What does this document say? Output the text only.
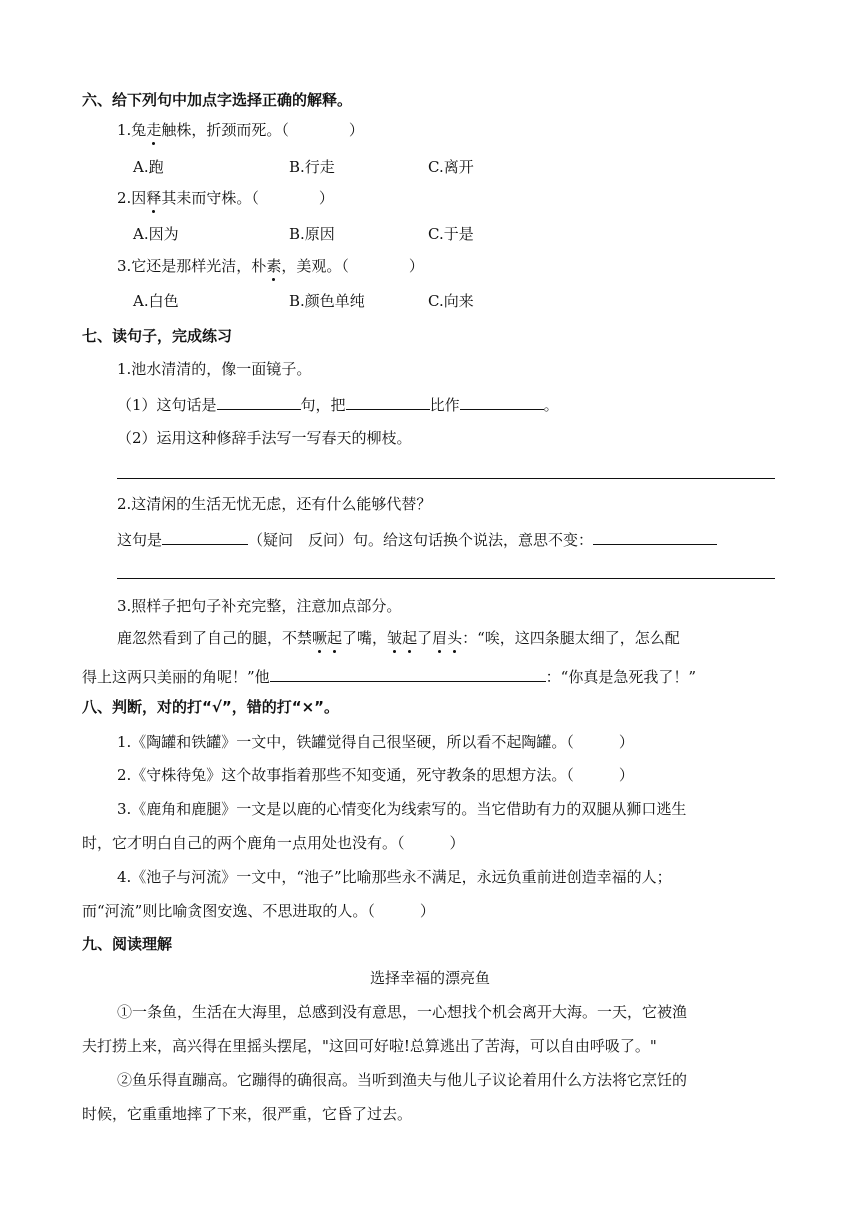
六、给下列句中加点字选择正确的解释。
1.兔走触株，折颈而死。（　　　　）
A.跑	B.行走	C.离开
2.因释其耒而守株。（　　　　）
A.因为	B.原因	C.于是
3.它还是那样光洁，朴素，美观。（　　　　）
A.白色	B.颜色单纯	C.向来
七、读句子，完成练习
1.池水清清的，像一面镜子。
（1）这句话是	句，把	比作	。
（2）运用这种修辞手法写一写春天的柳枝。
2.这清闲的生活无忧无虑，还有什么能够代替？
这句是	（疑问　反问）句。给这句话换个说法，意思不变：
3.照样子把句子补充完整，注意加点部分。
鹿忽然看到了自己的腿，不禁噘起了嘴，皱起了眉头：“唉，这四条腿太细了，怎么配
得上这两只美丽的角呢！”他	：“你真是急死我了！”
八、判断，对的打“√”，错的打“×”。
1.《陶罐和铁罐》一文中，铁罐觉得自己很坚硬，所以看不起陶罐。（　　　）
2.《守株待兔》这个故事指着那些不知变通，死守教条的思想方法。（　　　）
3.《鹿角和鹿腿》一文是以鹿的心情变化为线索写的。当它借助有力的双腿从狮口逃生
时，它才明白自己的两个鹿角一点用处也没有。（　　　）
4.《池子与河流》一文中，“池子”比喻那些永不满足，永远负重前进创造幸福的人；
而“河流”则比喻贪图安逸、不思进取的人。（　　　）
九、阅读理解
选择幸福的漂亮鱼
①一条鱼，生活在大海里，总感到没有意思，一心想找个机会离开大海。一天，它被渔
夫打捞上来，高兴得在里摇头摆尾，"这回可好啦!总算逃出了苦海，可以自由呼吸了。"
②鱼乐得直蹦高。它蹦得的确很高。当听到渔夫与他儿子议论着用什么方法将它烹饪的
时候，它重重地摔了下来，很严重，它昏了过去。
